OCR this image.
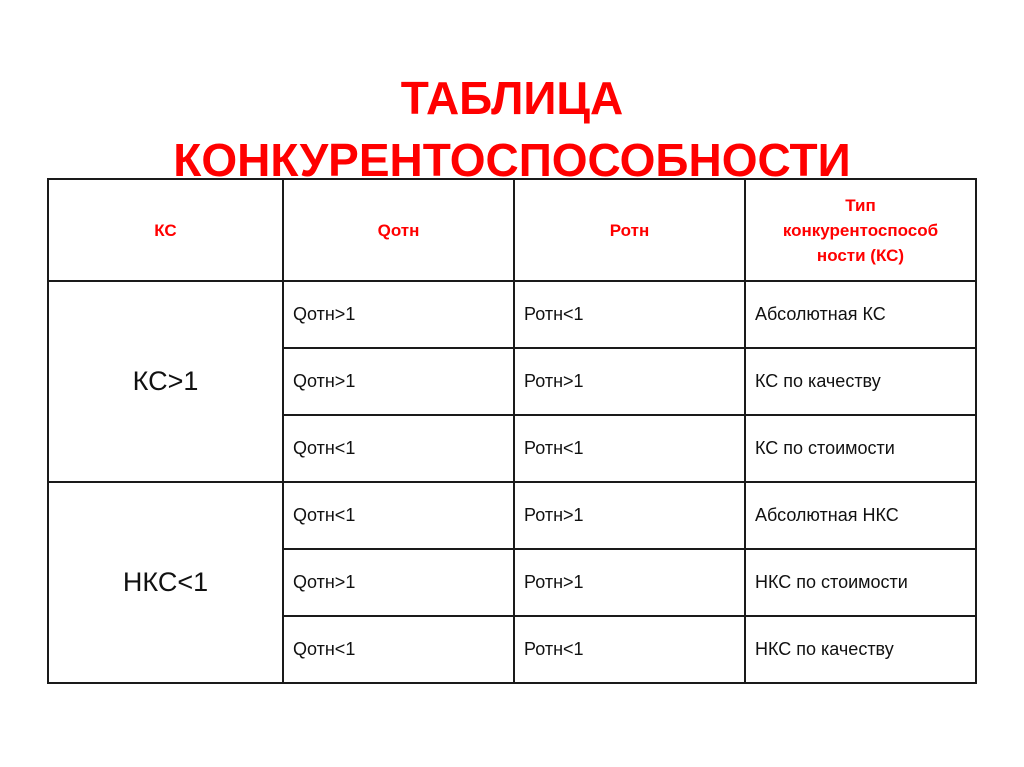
ТАБЛИЦА
КОНКУРЕНТОСПОСОБНОСТИ
КС	Qотн	Ротн	Тип
конкурентоспособ
ности (КС)
КС>1	Qотн>1	Ротн<1	Абсолютная КС
	Qотн>1	Ротн>1	КС по качеству
	Qотн<1	Ротн<1	КС по стоимости
НКС<1	Qотн<1	Ротн>1	Абсолютная НКС
	Qотн>1	Ротн>1	НКС по стоимости
	Qотн<1	Ротн<1	НКС по качеству
